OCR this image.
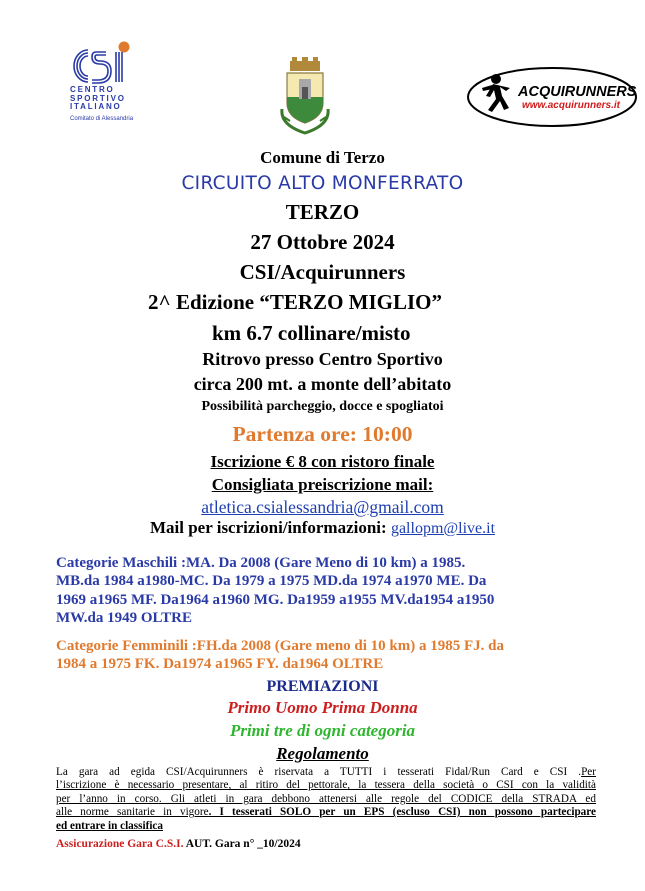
CENTRO
SPORTIVO
ITALIANO
Comitato di Alessandria
ACQUIRUNNERS
www.acquirunners.it
Comune di Terzo
CIRCUITO ALTO MONFERRATO
TERZO
27 Ottobre 2024
CSI/Acquirunners
2^ Edizione “TERZO MIGLIO”
km 6.7 collinare/misto
Ritrovo presso Centro Sportivo
circa 200 mt. a monte dell’abitato
Possibilità parcheggio, docce e spogliatoi
Partenza ore: 10:00
Iscrizione € 8 con ristoro finale
Consigliata preiscrizione mail:
atletica.csialessandria@gmail.com
Mail per iscrizioni/informazioni: gallopm@live.it
Categorie Maschili :MA. Da 2008 (Gare Meno di 10 km) a 1985.
MB.da 1984 a1980-MC. Da 1979 a 1975 MD.da 1974 a1970 ME. Da
1969 a1965 MF. Da1964 a1960 MG. Da1959 a1955 MV.da1954 a1950
MW.da 1949 OLTRE
Categorie Femminili :FH.da 2008 (Gare meno di 10 km) a 1985 FJ. da
1984 a 1975 FK. Da1974 a1965 FY. da1964 OLTRE
PREMIAZIONI
Primo Uomo Prima Donna
Primi tre di ogni categoria
Regolamento
La gara ad egida CSI/Acquirunners è riservata a TUTTI i tesserati Fidal/Run Card e CSI .Per
l’iscrizione è necessario presentare, al ritiro del pettorale, la tessera della società o CSI con la validità
per l’anno in corso. Gli atleti in gara debbono attenersi alle regole del CODICE della STRADA ed
alle norme sanitarie in vigore. I tesserati SOLO per un EPS (escluso CSI) non possono partecipare
ed entrare in classifica
Assicurazione Gara C.S.I. AUT. Gara n° _10/2024
